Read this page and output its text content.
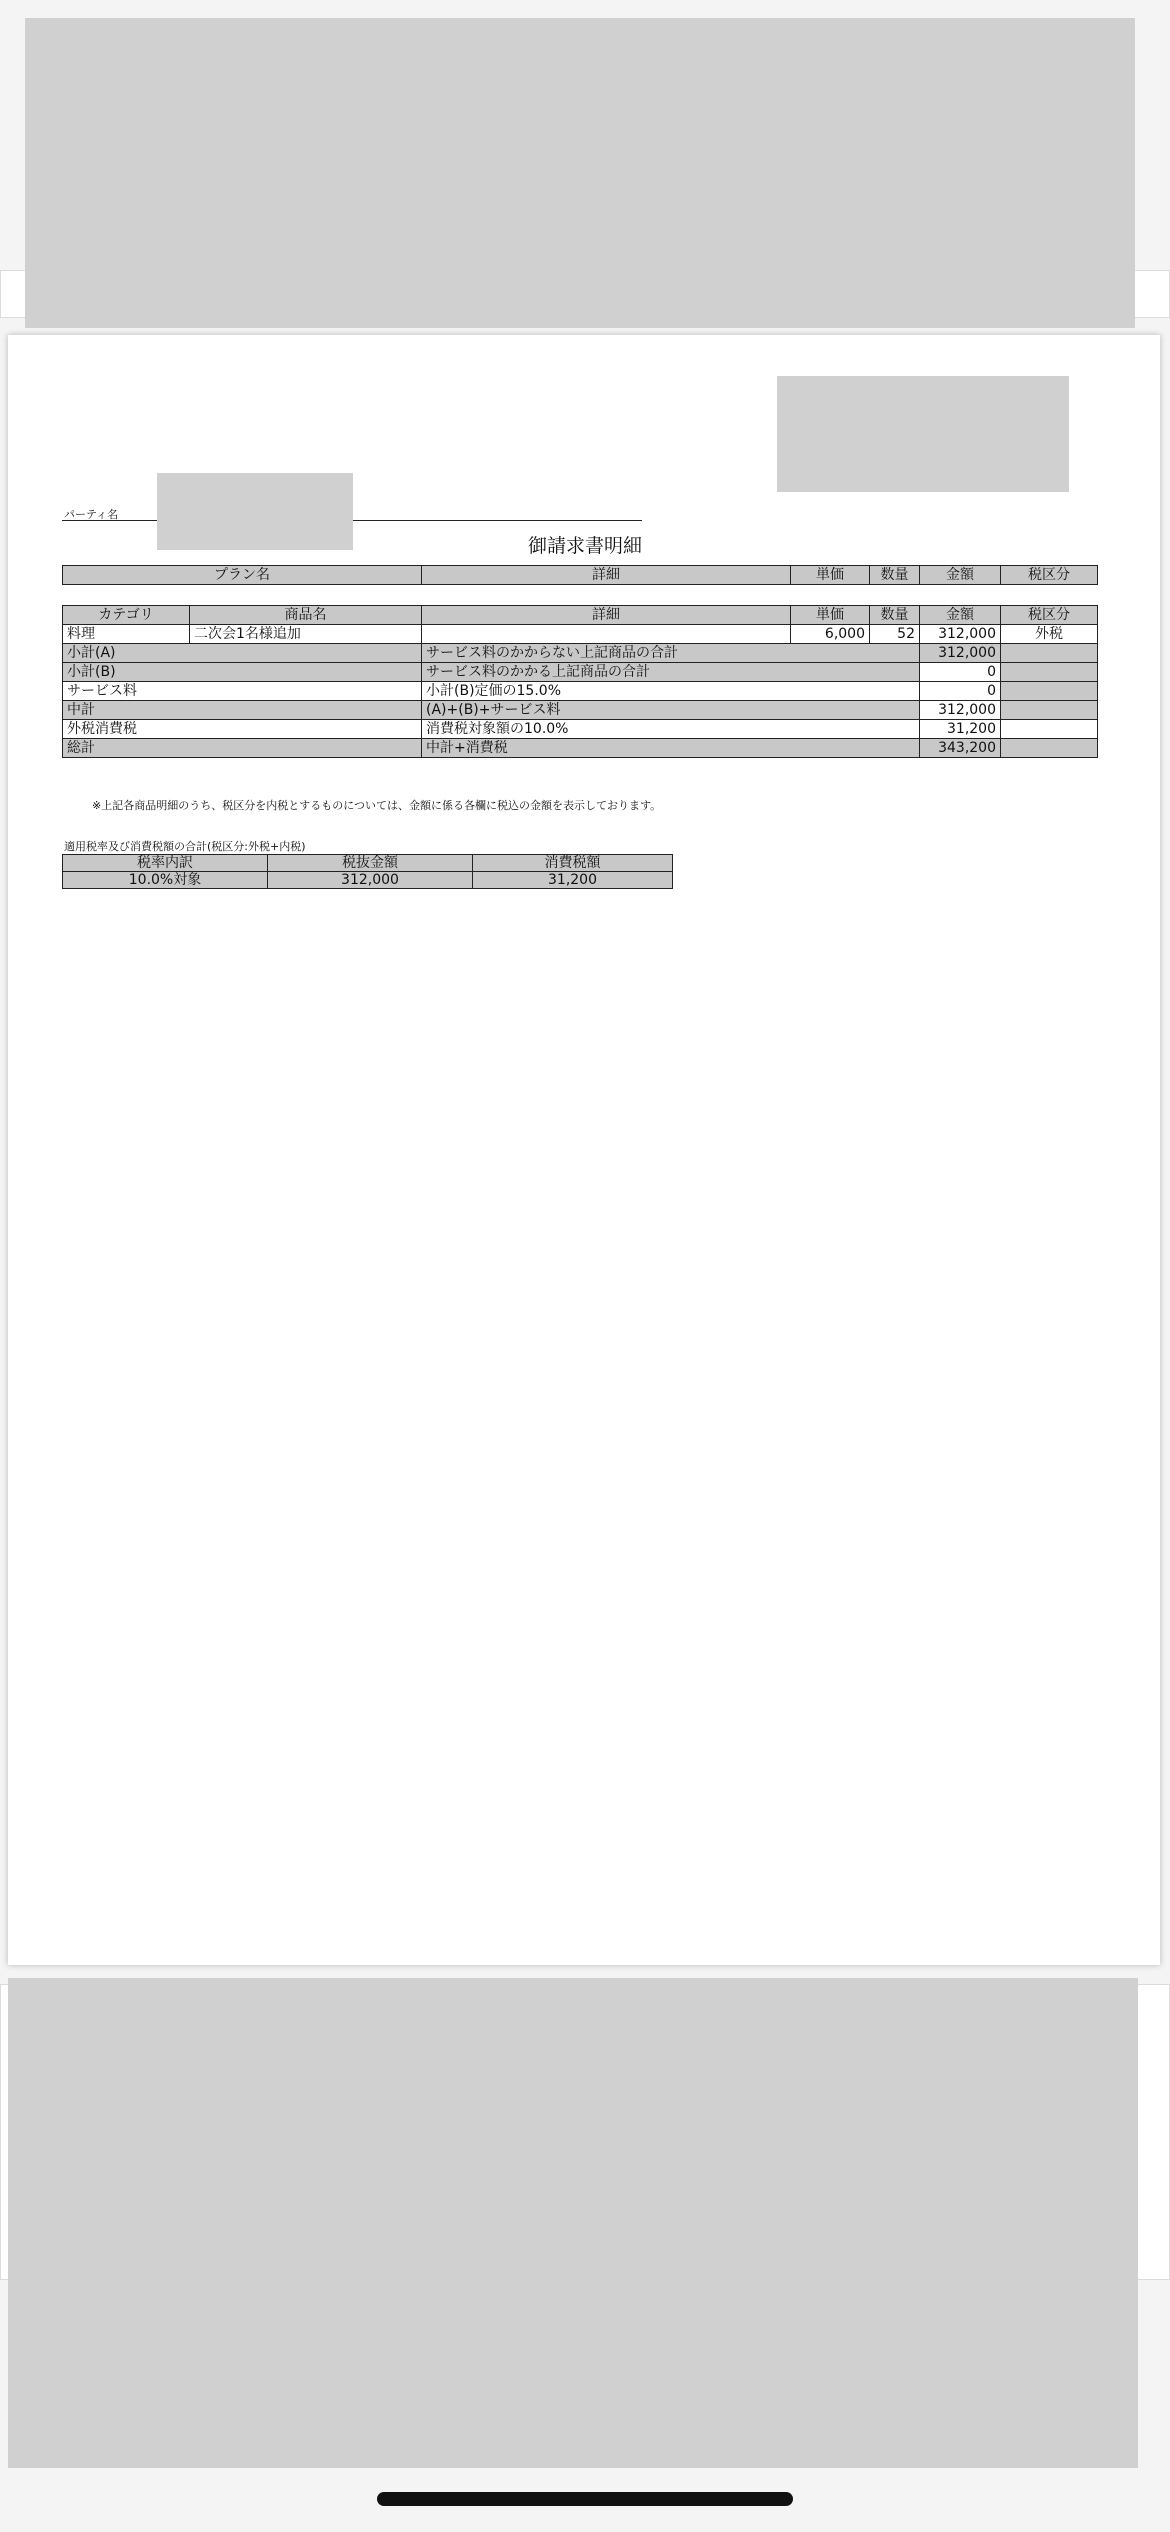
パーティ名
御請求書明細
プラン名	詳細	単価	数量	金額	税区分
カテゴリ	商品名	詳細	単価	数量	金額	税区分
料理	二次会1名様追加		6,000	52	312,000	外税
小計(A)		サービス料のかからない上記商品の合計			312,000	
小計(B)		サービス料のかかる上記商品の合計			0	
サービス料		小計(B)定価の15.0%			0	
中計		(A)+(B)+サービス料			312,000	
外税消費税		消費税対象額の10.0%			31,200	
総計		中計+消費税			343,200	
※上記各商品明細のうち、税区分を内税とするものについては、金額に係る各欄に税込の金額を表示しております。
適用税率及び消費税額の合計(税区分:外税+内税)
税率内訳	税抜金額	消費税額
10.0%対象	312,000	31,200
